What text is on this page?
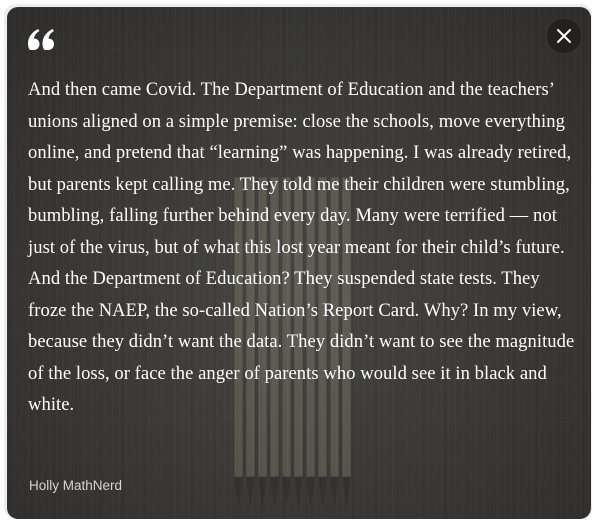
And then came Covid. The Department of Education and the teachers’ unions aligned on a simple premise: close the schools, move everything online, and pretend that “learning” was happening. I was already retired, but parents kept calling me. They told me their children were stumbling, bumbling, falling further behind every day. Many were terrified — not just of the virus, but of what this lost year meant for their child’s future. And the Department of Education? They suspended state tests. They froze the NAEP, the so-called Nation’s Report Card. Why? In my view, because they didn’t want the data. They didn’t want to see the magnitude of the loss, or face the anger of parents who would see it in black and white.

Holly MathNerd
